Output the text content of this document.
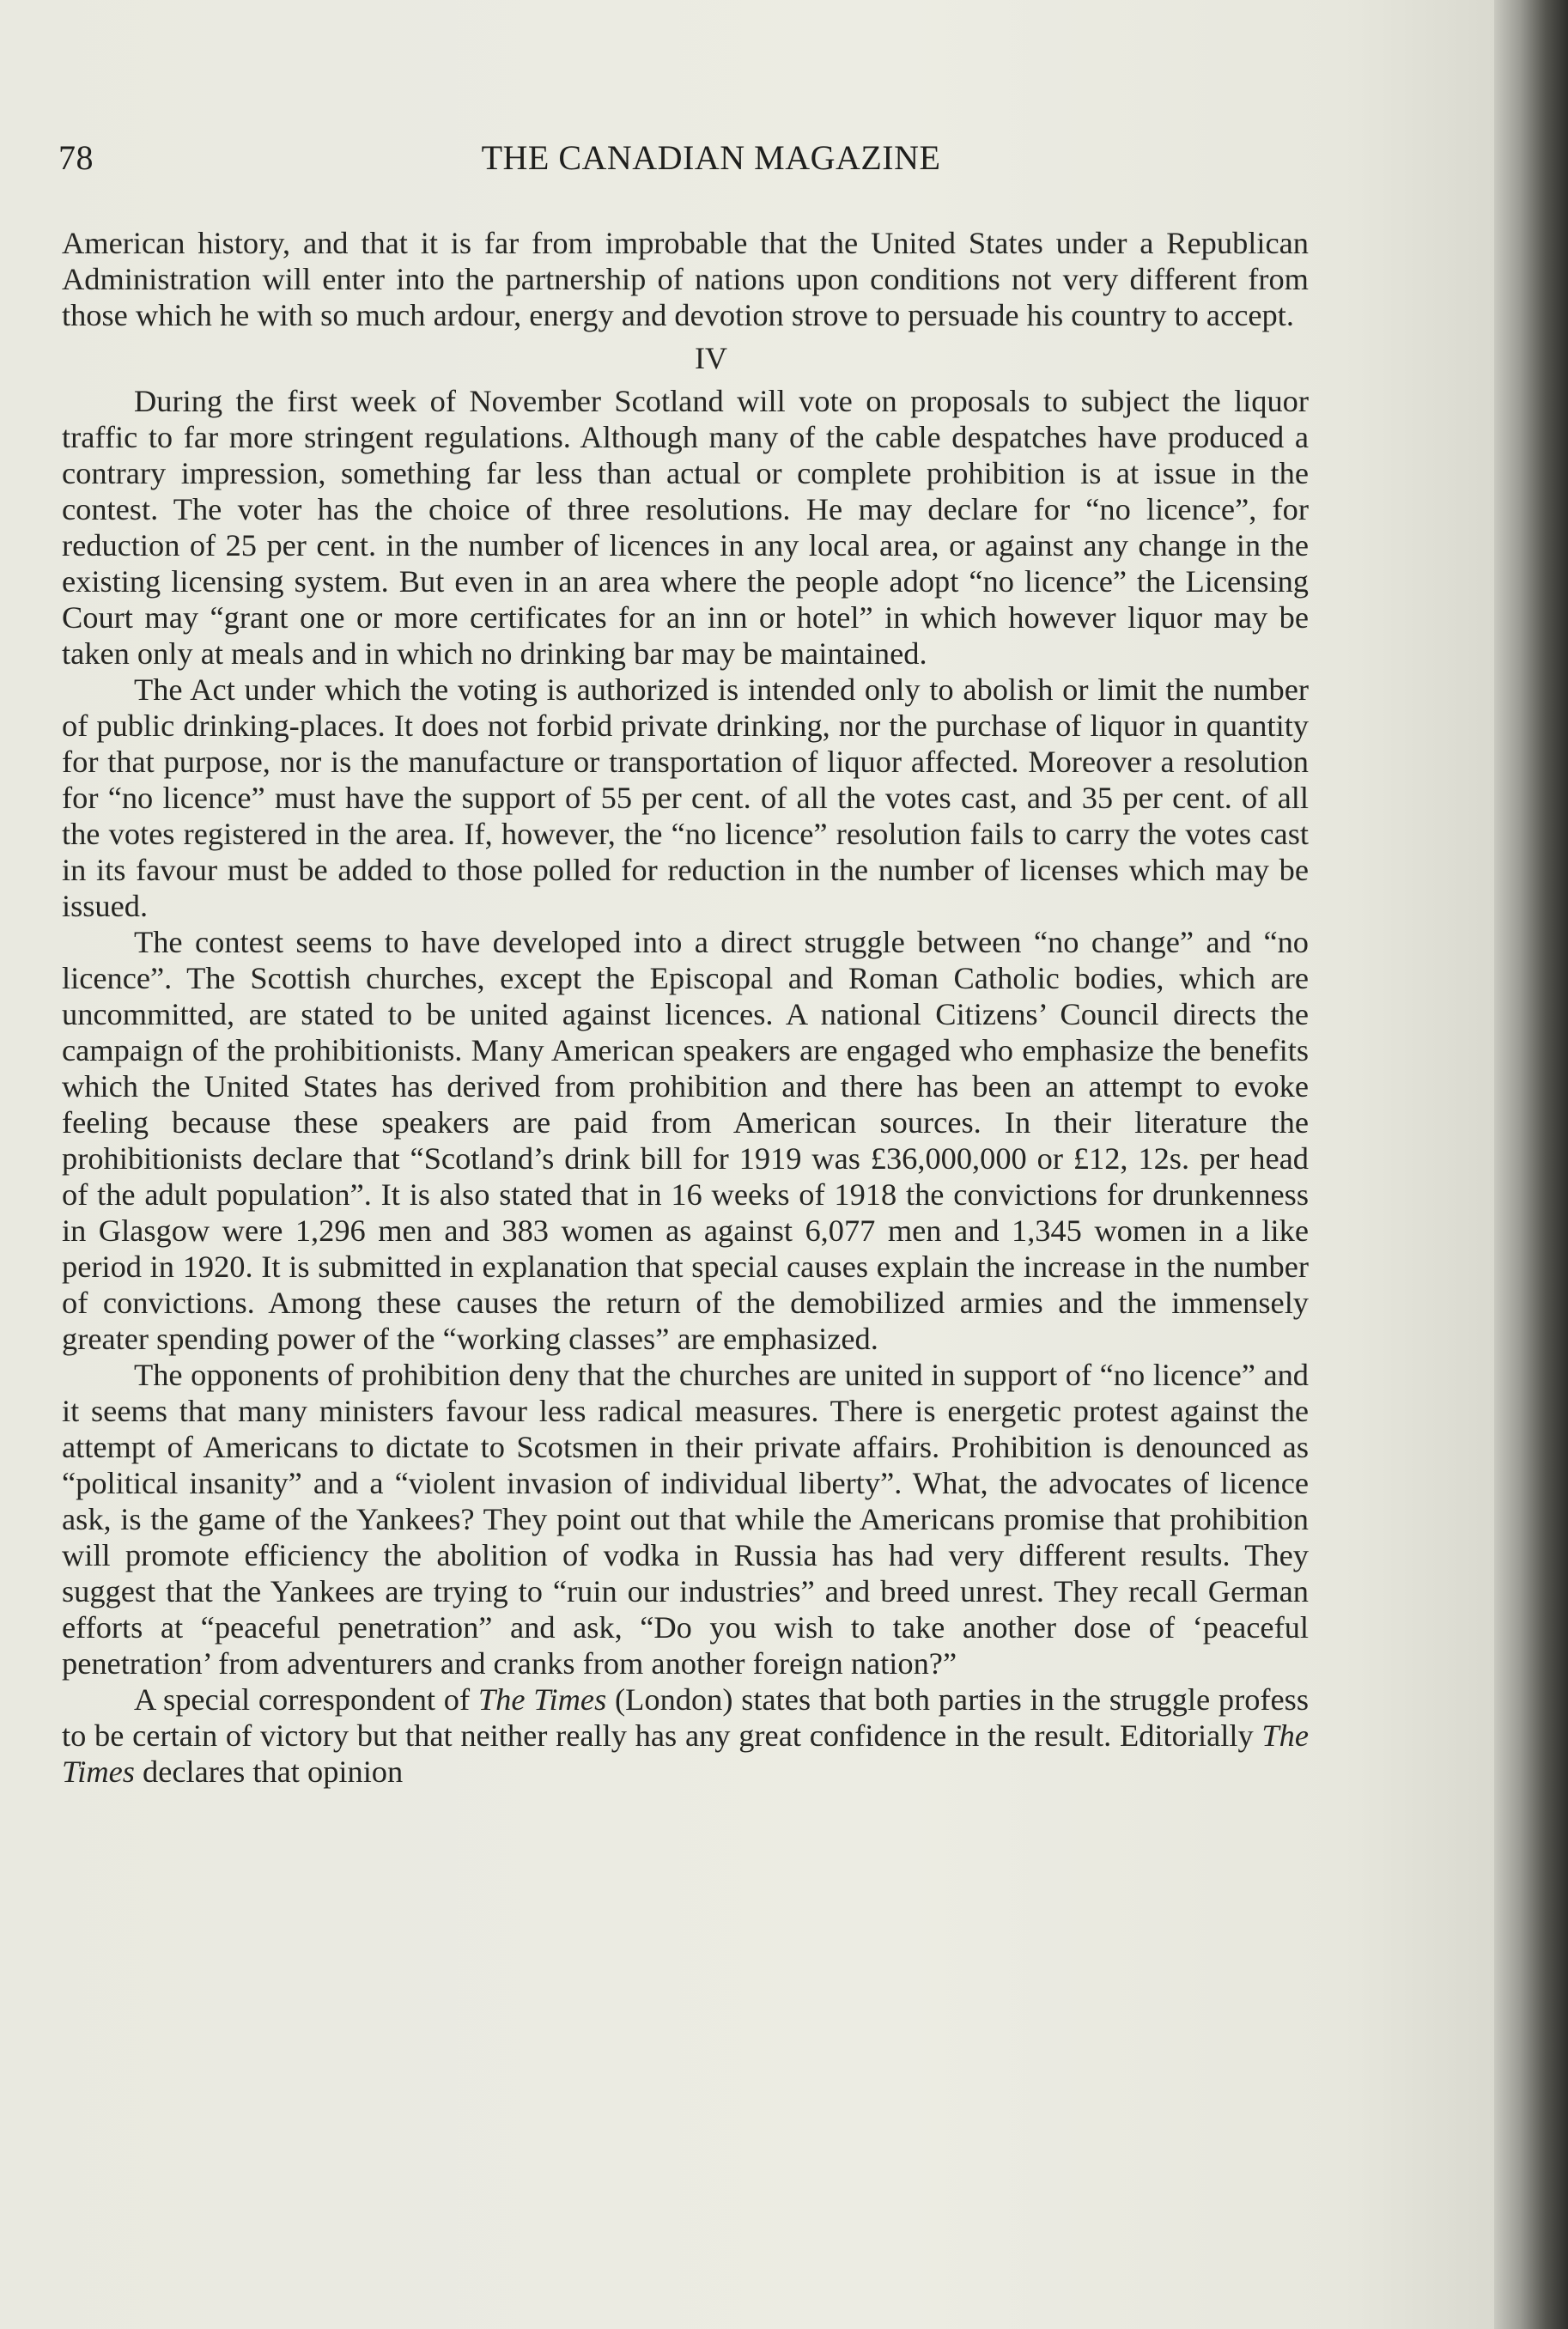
78	THE CANADIAN MAGAZINE

American history, and that it is far from improbable that the United States under a Republican Administration will enter into the partnership of nations upon conditions not very different from those which he with so much ardour, energy and devotion strove to persuade his country to accept.

IV

During the first week of November Scotland will vote on proposals to subject the liquor traffic to far more stringent regulations. Although many of the cable despatches have produced a contrary impression, something far less than actual or complete prohibition is at issue in the contest. The voter has the choice of three resolutions. He may declare for “no licence”, for reduction of 25 per cent. in the number of licences in any local area, or against any change in the existing licensing system. But even in an area where the people adopt “no licence” the Licensing Court may “grant one or more certificates for an inn or hotel” in which however liquor may be taken only at meals and in which no drinking bar may be maintained.

The Act under which the voting is authorized is intended only to abolish or limit the number of public drinking-places. It does not forbid private drinking, nor the purchase of liquor in quantity for that purpose, nor is the manufacture or transportation of liquor affected. Moreover a resolution for “no licence” must have the support of 55 per cent. of all the votes cast, and 35 per cent. of all the votes registered in the area. If, however, the “no licence” resolution fails to carry the votes cast in its favour must be added to those polled for reduction in the number of licenses which may be issued.

The contest seems to have developed into a direct struggle between “no change” and “no licence”. The Scottish churches, except the Episcopal and Roman Catholic bodies, which are uncommitted, are stated to be united against licences. A national Citizens’ Council directs the campaign of the prohibitionists. Many American speakers are engaged who emphasize the benefits which the United States has derived from prohibition and there has been an attempt to evoke feeling because these speakers are paid from American sources. In their literature the prohibitionists declare that “Scotland’s drink bill for 1919 was £36,000,000 or £12, 12s. per head of the adult population”. It is also stated that in 16 weeks of 1918 the convictions for drunkenness in Glasgow were 1,296 men and 383 women as against 6,077 men and 1,345 women in a like period in 1920. It is submitted in explanation that special causes explain the increase in the number of convictions. Among these causes the return of the demobilized armies and the immensely greater spending power of the “working classes” are emphasized.

The opponents of prohibition deny that the churches are united in support of “no licence” and it seems that many ministers favour less radical measures. There is energetic protest against the attempt of Americans to dictate to Scotsmen in their private affairs. Prohibition is denounced as “political insanity” and a “violent invasion of individual liberty”. What, the advocates of licence ask, is the game of the Yankees? They point out that while the Americans promise that prohibition will promote efficiency the abolition of vodka in Russia has had very different results. They suggest that the Yankees are trying to “ruin our industries” and breed unrest. They recall German efforts at “peaceful penetration” and ask, “Do you wish to take another dose of ‘peaceful penetration’ from adventurers and cranks from another foreign nation?”

A special correspondent of The Times (London) states that both parties in the struggle profess to be certain of victory but that neither really has any great confidence in the result. Editorially The Times declares that opinion
